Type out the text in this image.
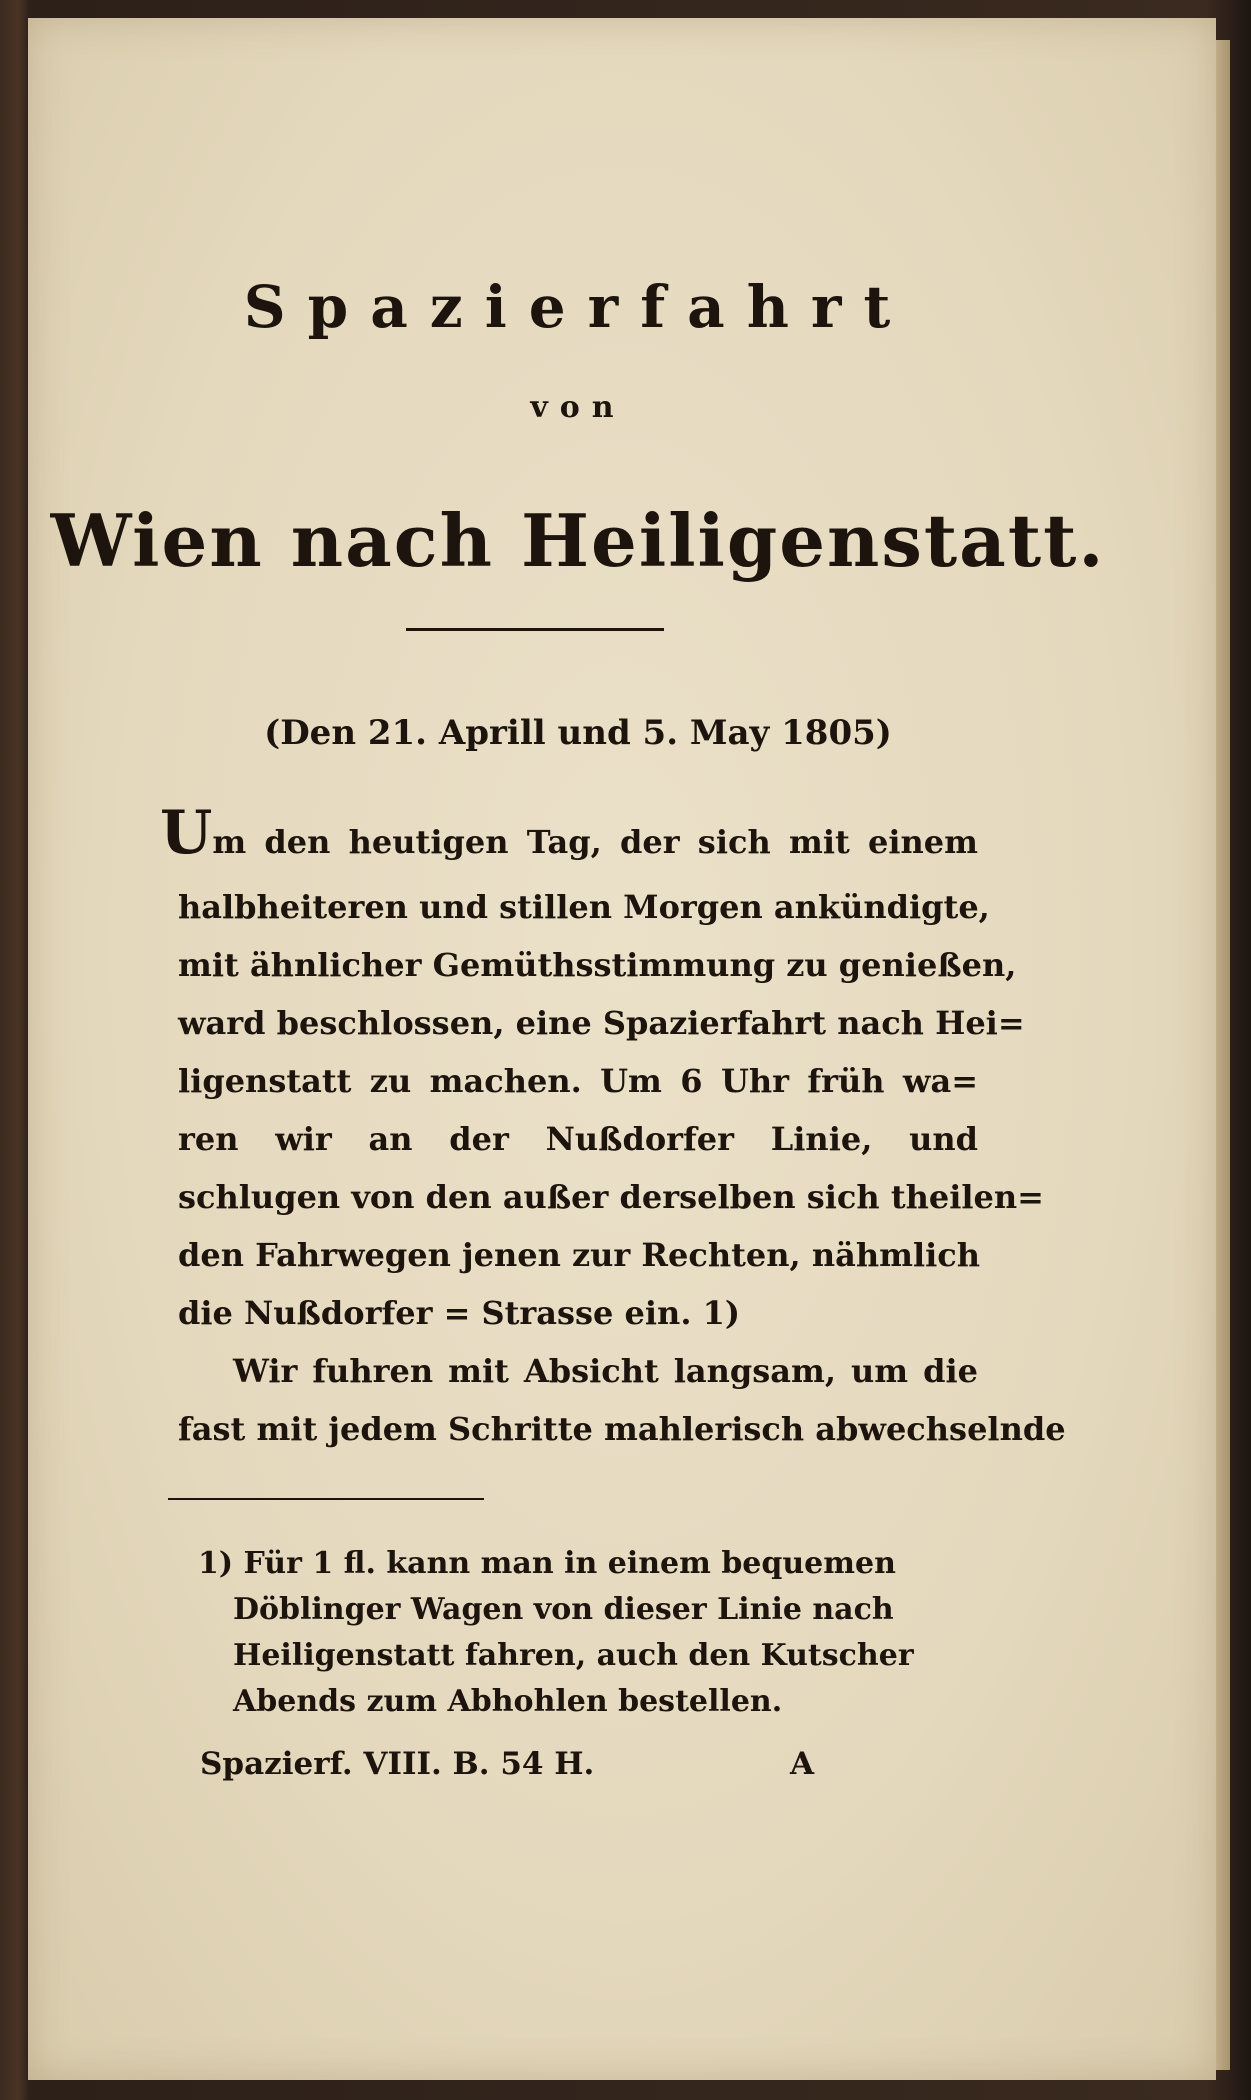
Spazierfahrt
von
Wien nach Heiligenstatt.
(Den 21. Aprill und 5. May 1805)
Um den heutigen Tag, der sich mit einem
halbheiteren und stillen Morgen ankündigte,
mit ähnlicher Gemüthsstimmung zu genießen,
ward beschlossen, eine Spazierfahrt nach Hei=
ligenstatt zu machen. Um 6 Uhr früh wa=
ren wir an der Nußdorfer Linie, und
schlugen von den außer derselben sich theilen=
den Fahrwegen jenen zur Rechten, nähmlich
die Nußdorfer = Strasse ein. 1)
Wir fuhren mit Absicht langsam, um die
fast mit jedem Schritte mahlerisch abwechselnde
1) Für 1 fl. kann man in einem bequemen
Döblinger Wagen von dieser Linie nach
Heiligenstatt fahren, auch den Kutscher
Abends zum Abhohlen bestellen.
Spazierf. VIII. B. 54 H.	A
